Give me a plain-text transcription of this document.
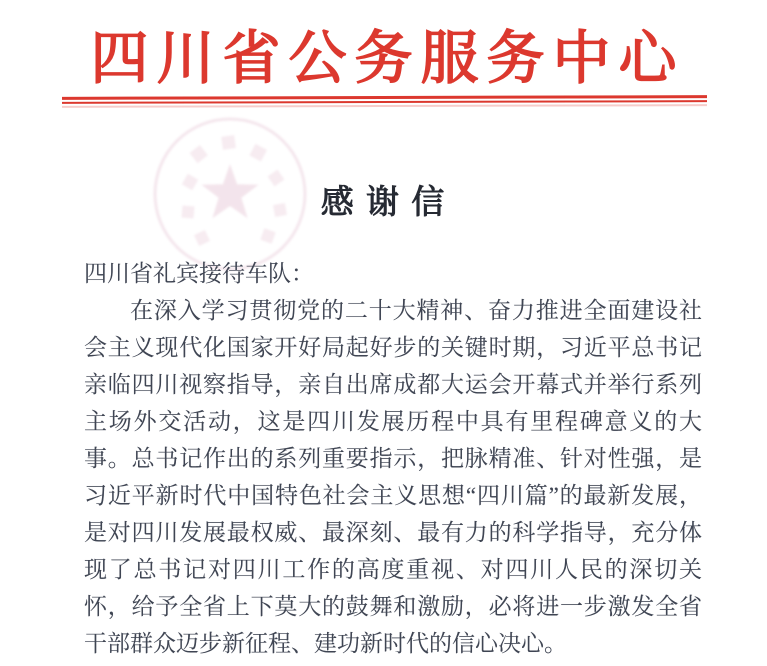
四川省公务服务中心
感 谢 信
四川省礼宾接待车队：
在深入学习贯彻党的二十大精神、奋力推进全面建设社
会主义现代化国家开好局起好步的关键时期，习近平总书记
亲临四川视察指导，亲自出席成都大运会开幕式并举行系列
主场外交活动，这是四川发展历程中具有里程碑意义的大
事。总书记作出的系列重要指示，把脉精准、针对性强，是
习近平新时代中国特色社会主义思想“四川篇”的最新发展，
是对四川发展最权威、最深刻、最有力的科学指导，充分体
现了总书记对四川工作的高度重视、对四川人民的深切关
怀，给予全省上下莫大的鼓舞和激励，必将进一步激发全省
干部群众迈步新征程、建功新时代的信心决心。
